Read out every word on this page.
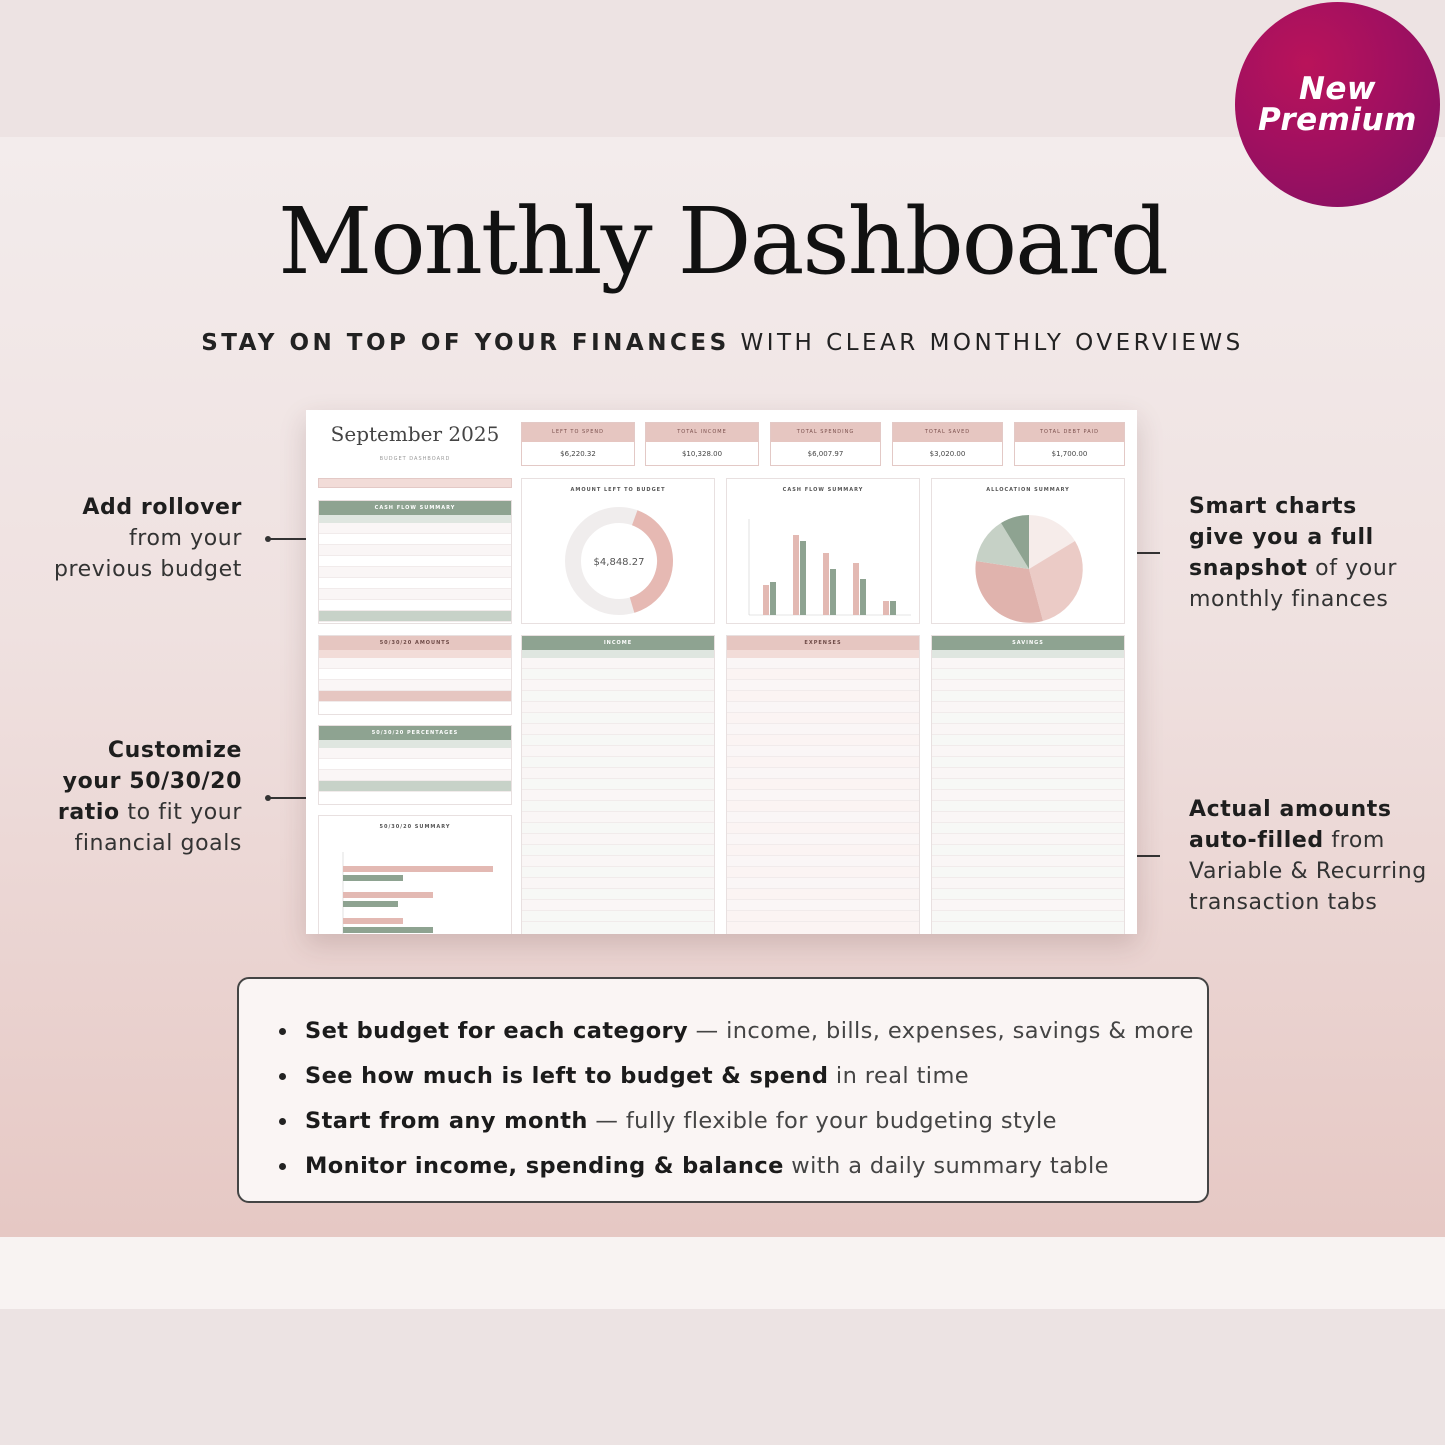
New
Premium
Monthly Dashboard
STAY ON TOP OF YOUR FINANCES WITH CLEAR MONTHLY OVERVIEWS
Add rollover
from your
previous budget
Customize
your 50/30/20
ratio to fit your
financial goals
Smart charts
give you a full
snapshot of your
monthly finances
Actual amounts
auto-filled from
Variable & Recurring
transaction tabs
September 2025
BUDGET DASHBOARD
LEFT TO SPEND
$6,220.32
TOTAL INCOME
$10,328.00
TOTAL SPENDING
$6,007.97
TOTAL SAVED
$3,020.00
TOTAL DEBT PAID
$1,700.00
CASH FLOW SUMMARY
50/30/20 AMOUNTS
50/30/20 PERCENTAGES
50/30/20 SUMMARY
AMOUNT LEFT TO BUDGET
$4,848.27
CASH FLOW SUMMARY	ALLOCATION SUMMARY
INCOME	EXPENSES	SAVINGS
Set budget for each category — income, bills, expenses, savings & more
See how much is left to budget & spend in real time
Start from any month — fully flexible for your budgeting style
Monitor income, spending & balance with a daily summary table
